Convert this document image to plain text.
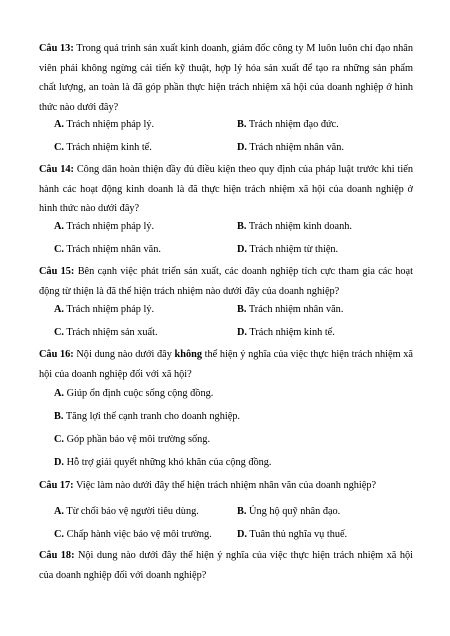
Câu 13: Trong quá trình sản xuất kinh doanh, giám đốc công ty M luôn luôn chỉ đạo nhân viên phải không ngừng cải tiến kỹ thuật, hợp lý hóa sản xuất để tạo ra những sản phẩm chất lượng, an toàn là đã góp phần thực hiện trách nhiệm xã hội của doanh nghiệp ở hình thức nào dưới đây?
A. Trách nhiệm pháp lý.	B. Trách nhiệm đạo đức.
C. Trách nhiệm kinh tế.	D. Trách nhiệm nhân văn.
Câu 14: Công dân hoàn thiện đầy đủ điều kiện theo quy định của pháp luật trước khi tiến hành các hoạt động kinh doanh là đã thực hiện trách nhiệm xã hội của doanh nghiệp ở hình thức nào dưới đây?
A. Trách nhiệm pháp lý.	B. Trách nhiệm kinh doanh.
C. Trách nhiệm nhân văn.	D. Trách nhiệm từ thiện.
Câu 15: Bên cạnh việc phát triển sản xuất, các doanh nghiệp tích cực tham gia các hoạt động từ thiện là đã thể hiện trách nhiệm nào dưới đây của doanh nghiệp?
A. Trách nhiệm pháp lý.	B. Trách nhiệm nhân văn.
C. Trách nhiệm sản xuất.	D. Trách nhiệm kinh tế.
Câu 16: Nội dung nào dưới đây không thể hiện ý nghĩa của việc thực hiện trách nhiệm xã hội của doanh nghiệp đối với xã hội?
A. Giúp ổn định cuộc sống cộng đồng.
B. Tăng lợi thế cạnh tranh cho doanh nghiệp.
C. Góp phần bảo vệ môi trường sống.
D. Hỗ trợ giải quyết những khó khăn của cộng đồng.
Câu 17: Việc làm nào dưới đây thể hiện trách nhiệm nhân văn của doanh nghiệp?
A. Từ chối bảo vệ người tiêu dùng.	B. Ủng hộ quỹ nhân đạo.
C. Chấp hành việc bảo vệ môi trường. D. Tuân thủ nghĩa vụ thuế.
Câu 18: Nội dung nào dưới đây thể hiện ý nghĩa của việc thực hiện trách nhiệm xã hội của doanh nghiệp đối với doanh nghiệp?
